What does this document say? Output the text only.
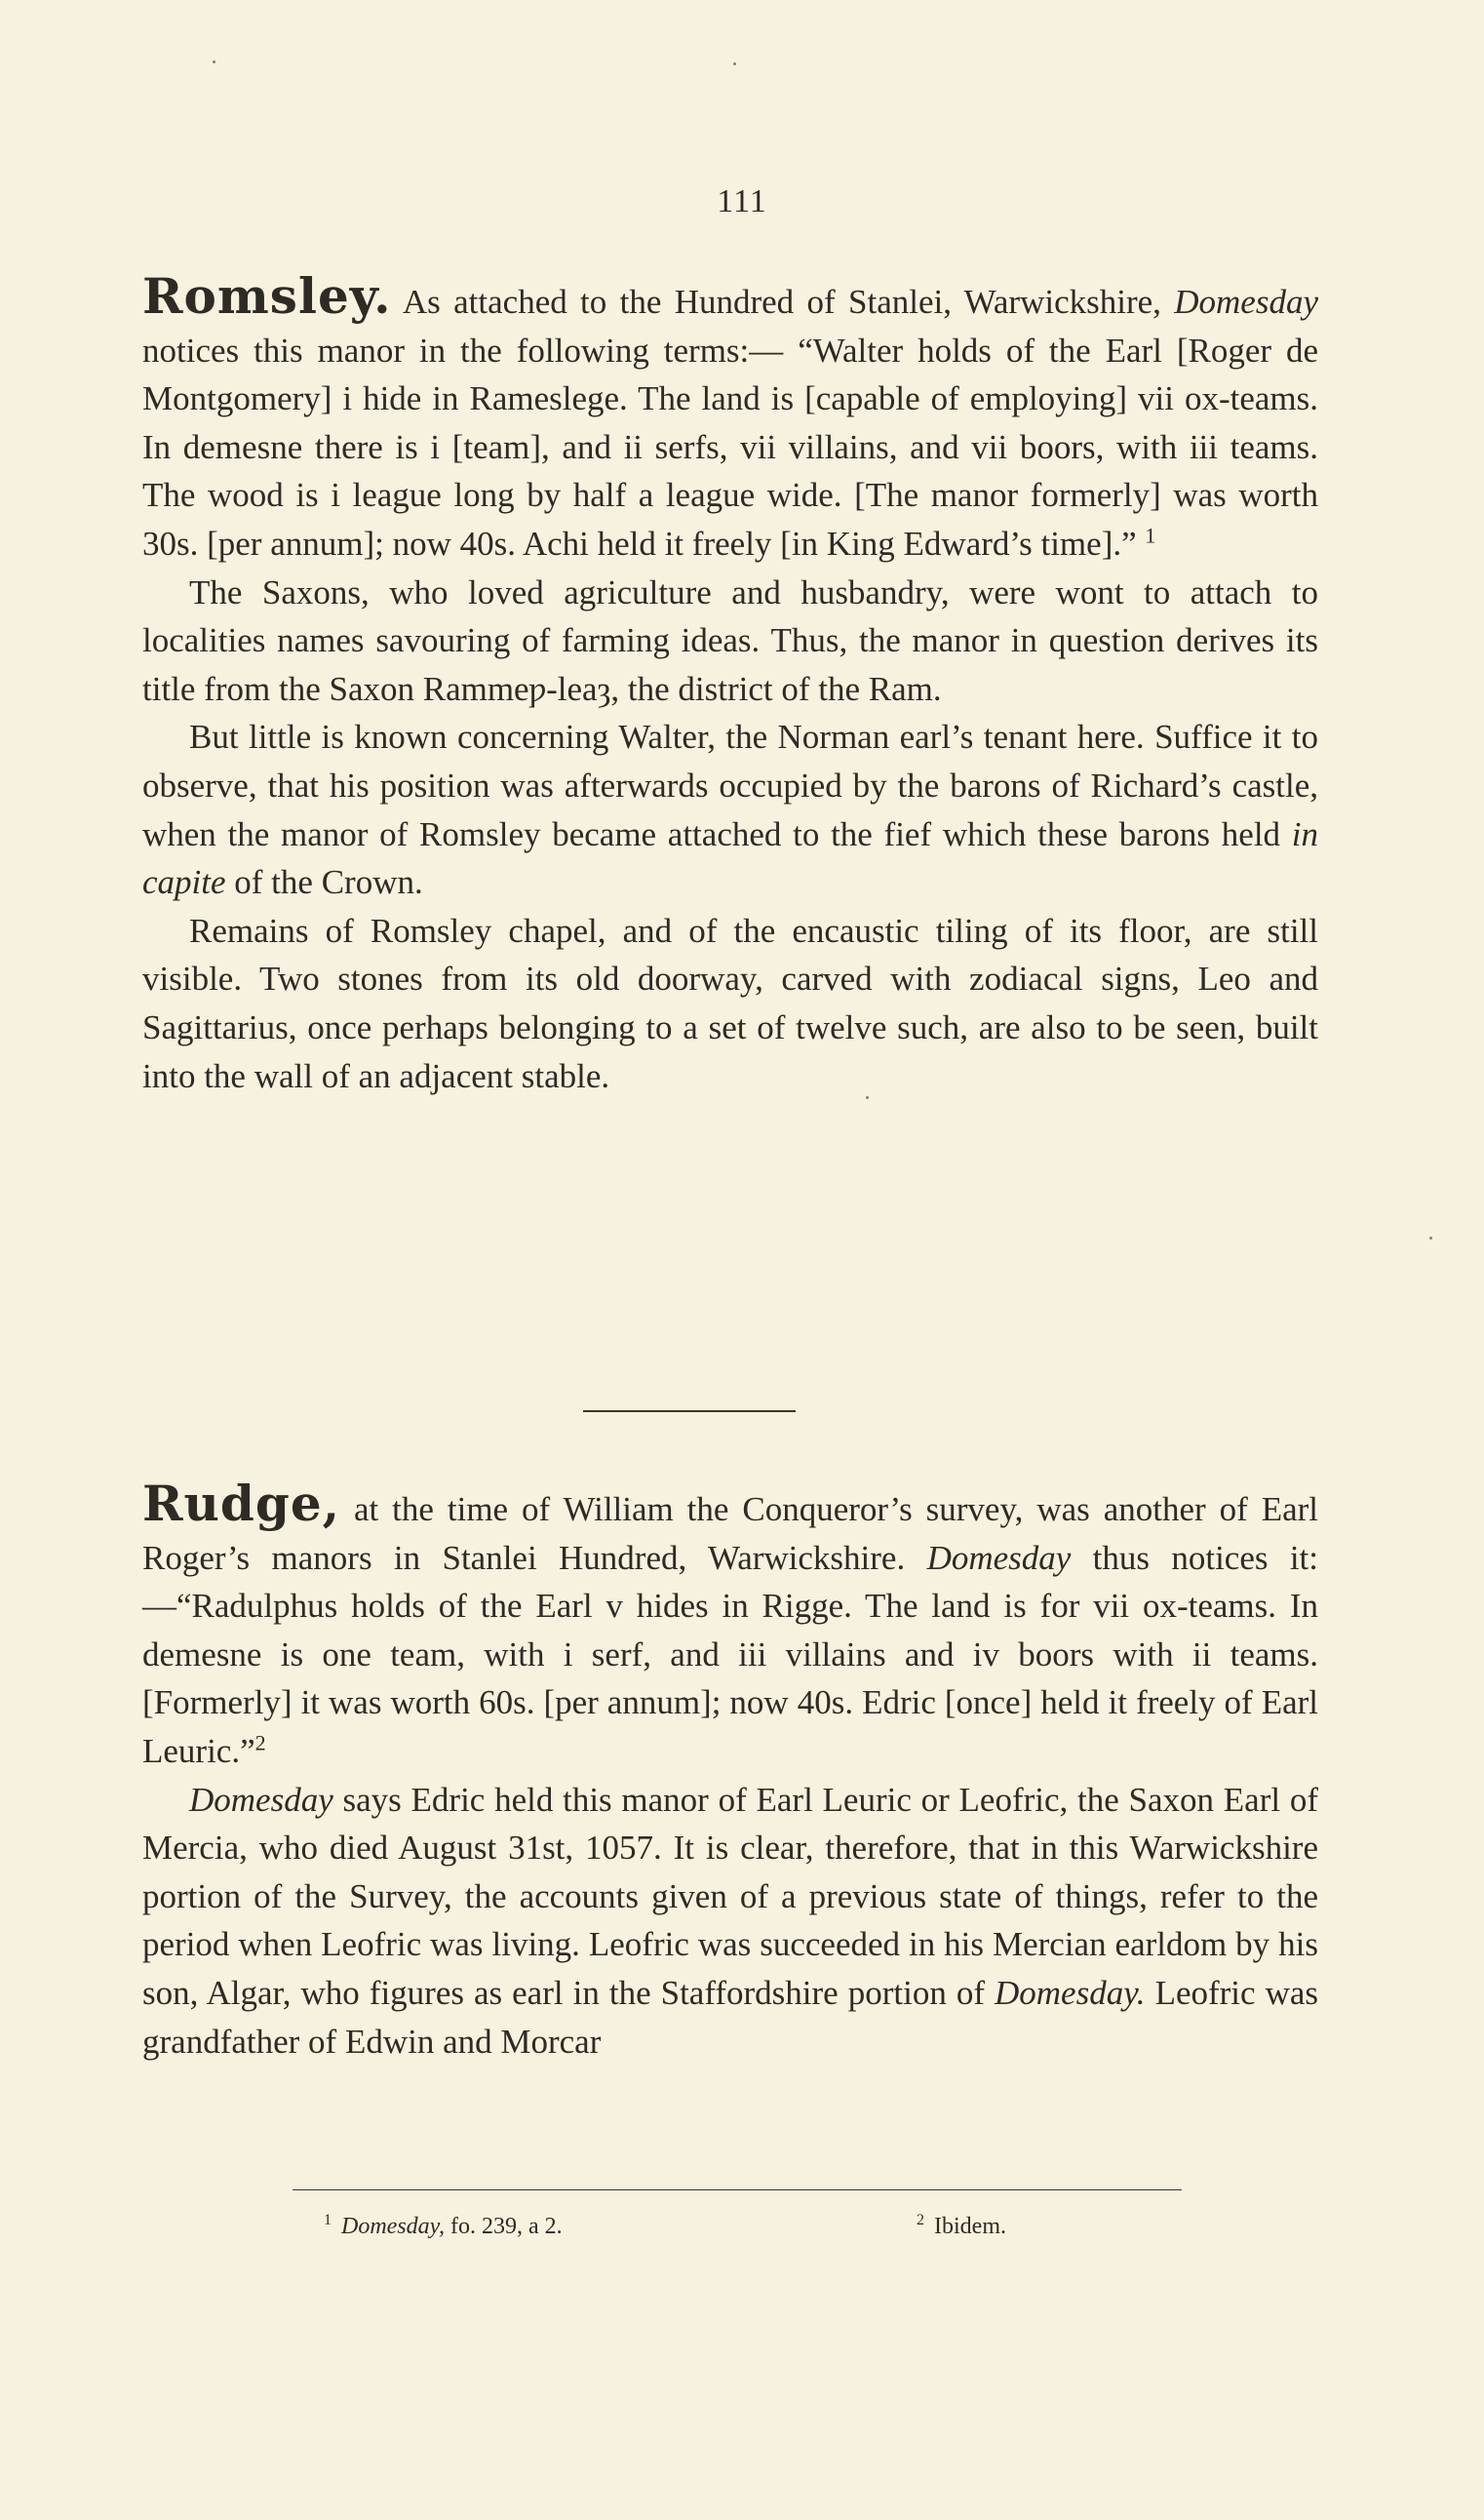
111

Romsley. As attached to the Hundred of Stanlei, Warwickshire, Domesday notices this manor in the following terms:— “Walter holds of the Earl [Roger de Montgomery] i hide in Rameslege. The land is [capable of employing] vii ox-teams. In demesne there is i [team], and ii serfs, vii villains, and vii boors, with iii teams. The wood is i league long by half a league wide. [The manor formerly] was worth 30s. [per annum]; now 40s. Achi held it freely [in King Edward’s time].” $^1$

The Saxons, who loved agriculture and husbandry, were wont to attach to localities names savouring of farming ideas. Thus, the manor in question derives its title from the Saxon Rammeƿ-leaȝ, the district of the Ram.

But little is known concerning Walter, the Norman earl’s tenant here. Suffice it to observe, that his position was afterwards occupied by the barons of Richard’s castle, when the manor of Romsley became attached to the fief which these barons held in capite of the Crown.

Remains of Romsley chapel, and of the encaustic tiling of its floor, are still visible. Two stones from its old doorway, carved with zodiacal signs, Leo and Sagittarius, once perhaps belonging to a set of twelve such, are also to be seen, built into the wall of an adjacent stable.

Rudge, at the time of William the Conqueror’s survey, was another of Earl Roger’s manors in Stanlei Hundred, Warwickshire. Domesday thus notices it:—“Radulphus holds of the Earl v hides in Rigge. The land is for vii ox-teams. In demesne is one team, with i serf, and iii villains and iv boors with ii teams. [Formerly] it was worth 60s. [per annum]; now 40s. Edric [once] held it freely of Earl Leuric.”$^2$

Domesday says Edric held this manor of Earl Leuric or Leofric, the Saxon Earl of Mercia, who died August 31st, 1057. It is clear, therefore, that in this Warwickshire portion of the Survey, the accounts given of a previous state of things, refer to the period when Leofric was living. Leofric was succeeded in his Mercian earldom by his son, Algar, who figures as earl in the Staffordshire portion of Domesday. Leofric was grandfather of Edwin and Morcar

$^1$ Domesday, fo. 239, a 2.	$^2$ Ibidem.
